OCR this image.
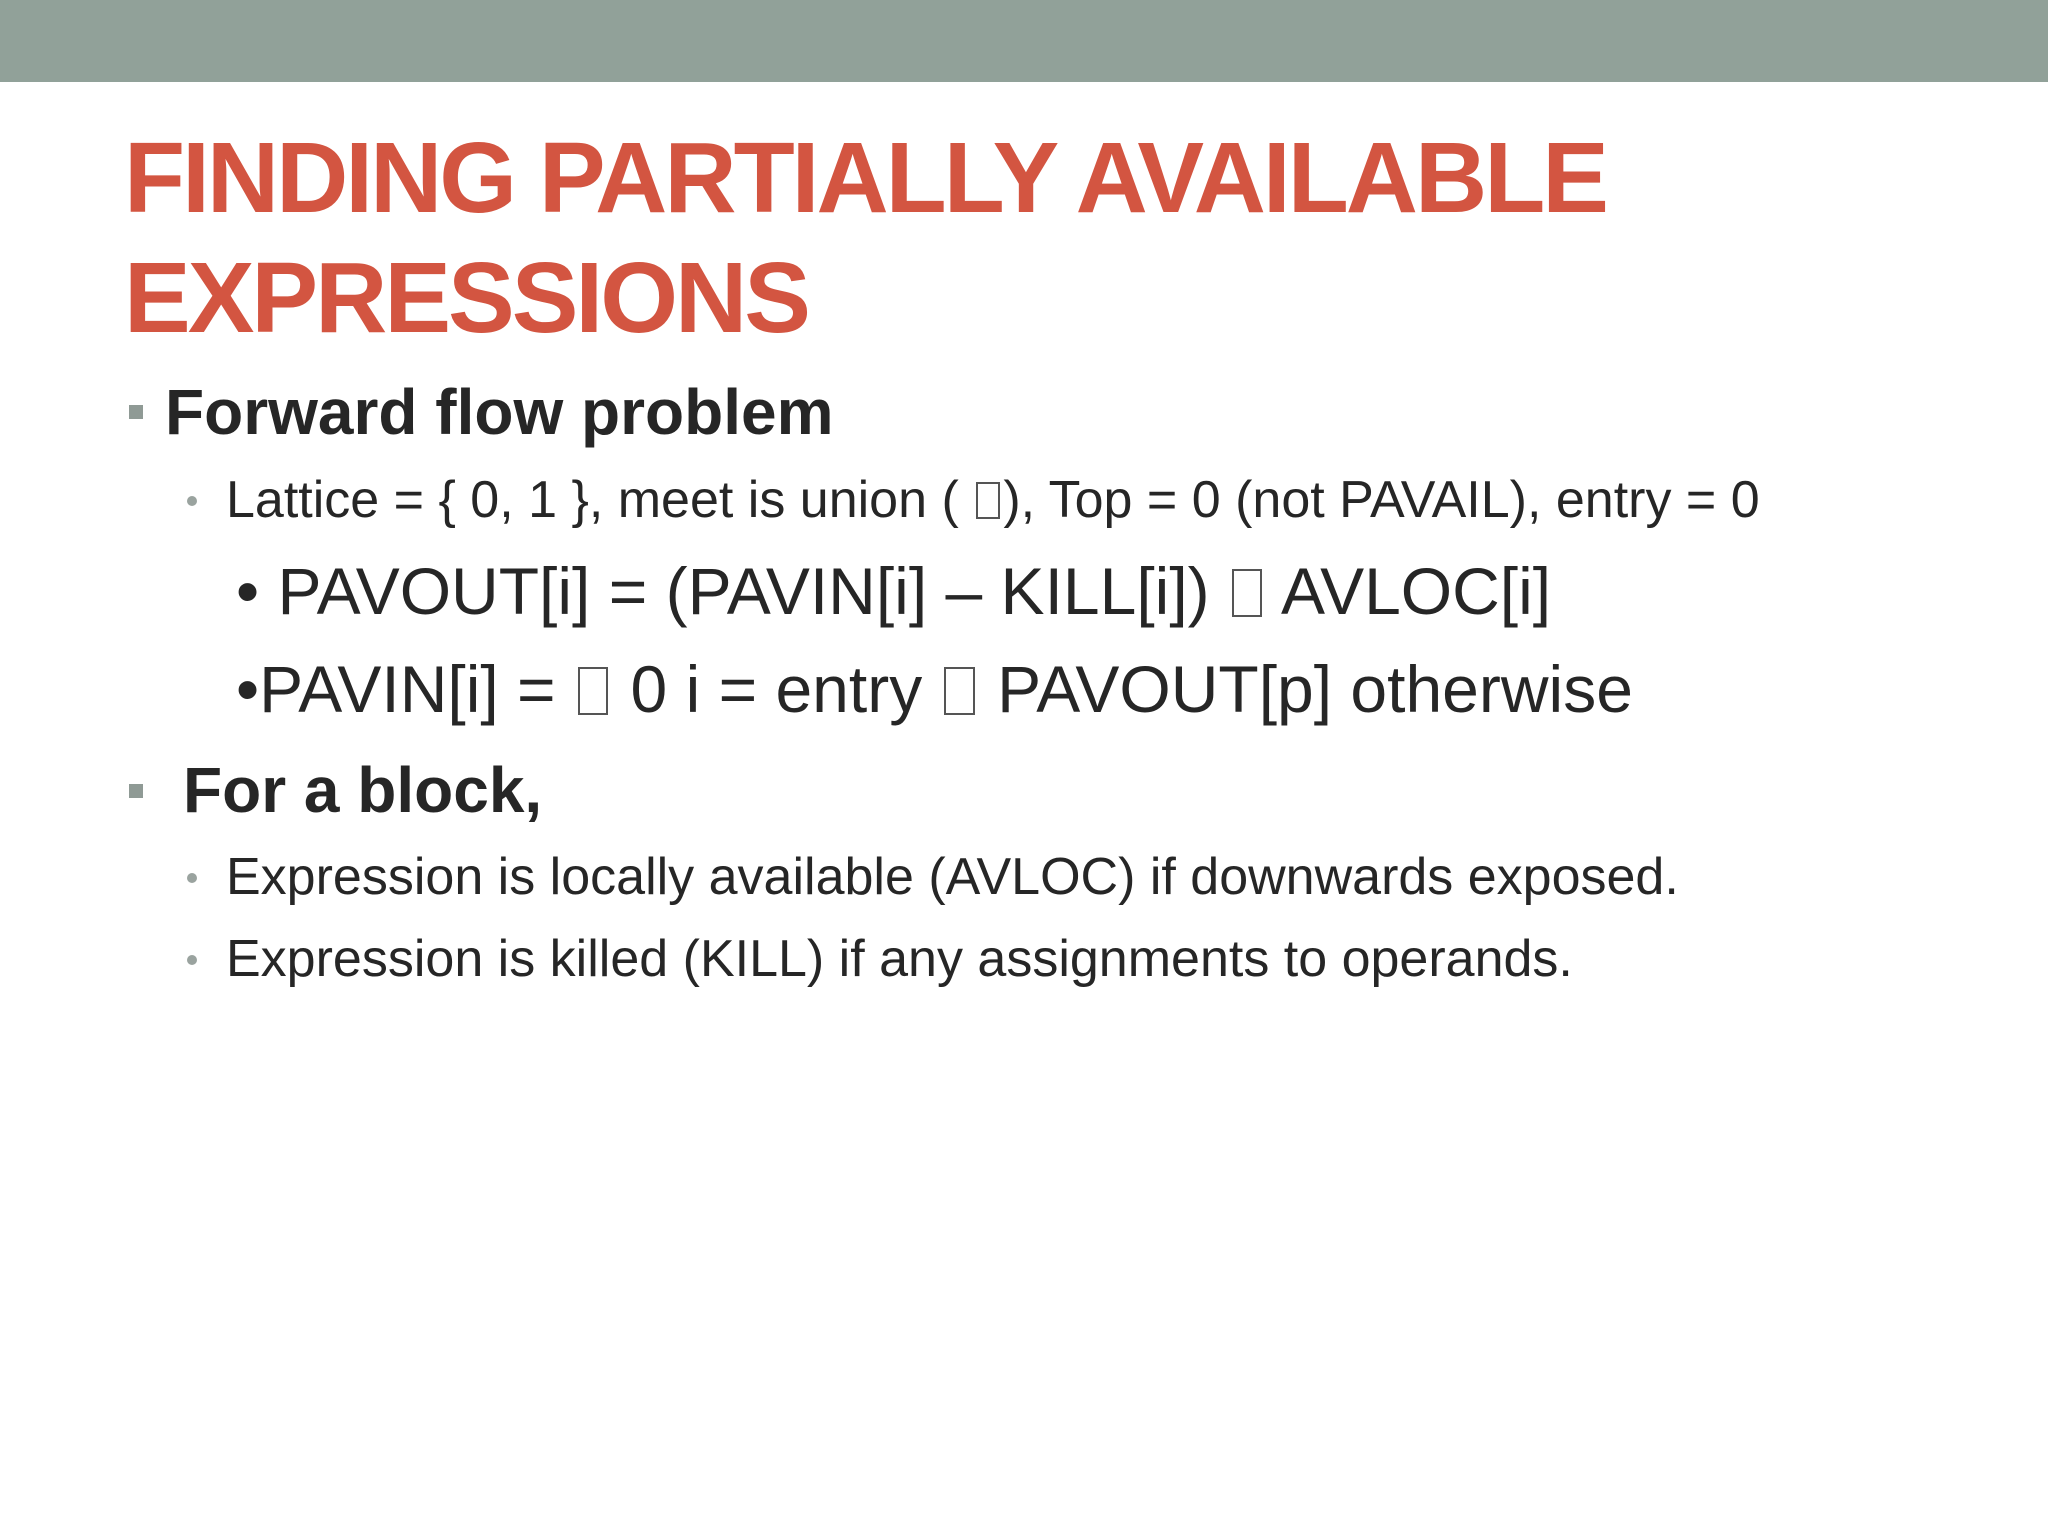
FINDING PARTIALLY AVAILABLE
EXPRESSIONS
Forward flow problem
Lattice = { 0, 1 }, meet is union ( ), Top = 0 (not PAVAIL), entry = 0
• PAVOUT[i] = (PAVIN[i] – KILL[i])  AVLOC[i]
•PAVIN[i] =  0 i = entry  PAVOUT[p] otherwise
For a block,
Expression is locally available (AVLOC) if downwards exposed.
Expression is killed (KILL) if any assignments to operands.
